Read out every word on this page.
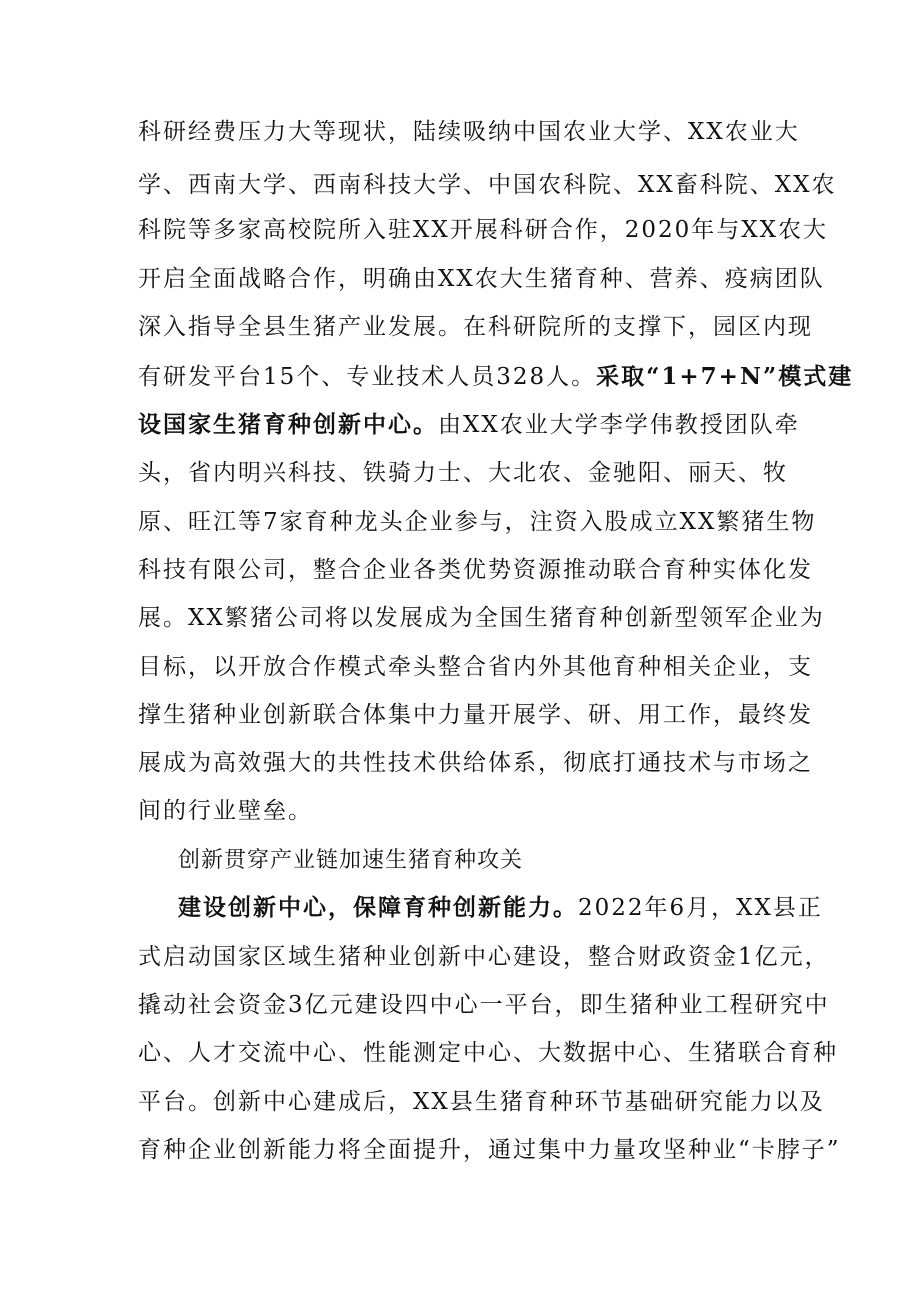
科研经费压力大等现状，陆续吸纳中国农业大学、XX农业大
学、西南大学、西南科技大学、中国农科院、XX畜科院、XX农
科院等多家高校院所入驻XX开展科研合作，2020年与XX农大
开启全面战略合作，明确由XX农大生猪育种、营养、疫病团队
深入指导全县生猪产业发展。在科研院所的支撑下，园区内现
有研发平台15个、专业技术人员328人。采取“1+7+N”模式建
设国家生猪育种创新中心。由XX农业大学李学伟教授团队牵
头，省内明兴科技、铁骑力士、大北农、金驰阳、丽天、牧
原、旺江等7家育种龙头企业参与，注资入股成立XX繁猪生物
科技有限公司，整合企业各类优势资源推动联合育种实体化发
展。XX繁猪公司将以发展成为全国生猪育种创新型领军企业为
目标，以开放合作模式牵头整合省内外其他育种相关企业，支
撑生猪种业创新联合体集中力量开展学、研、用工作，最终发
展成为高效强大的共性技术供给体系，彻底打通技术与市场之
间的行业壁垒。
创新贯穿产业链加速生猪育种攻关
建设创新中心，保障育种创新能力。2022年6月，XX县正
式启动国家区域生猪种业创新中心建设，整合财政资金1亿元，
撬动社会资金3亿元建设四中心一平台，即生猪种业工程研究中
心、人才交流中心、性能测定中心、大数据中心、生猪联合育种
平台。创新中心建成后，XX县生猪育种环节基础研究能力以及
育种企业创新能力将全面提升，通过集中力量攻坚种业“卡脖子”
